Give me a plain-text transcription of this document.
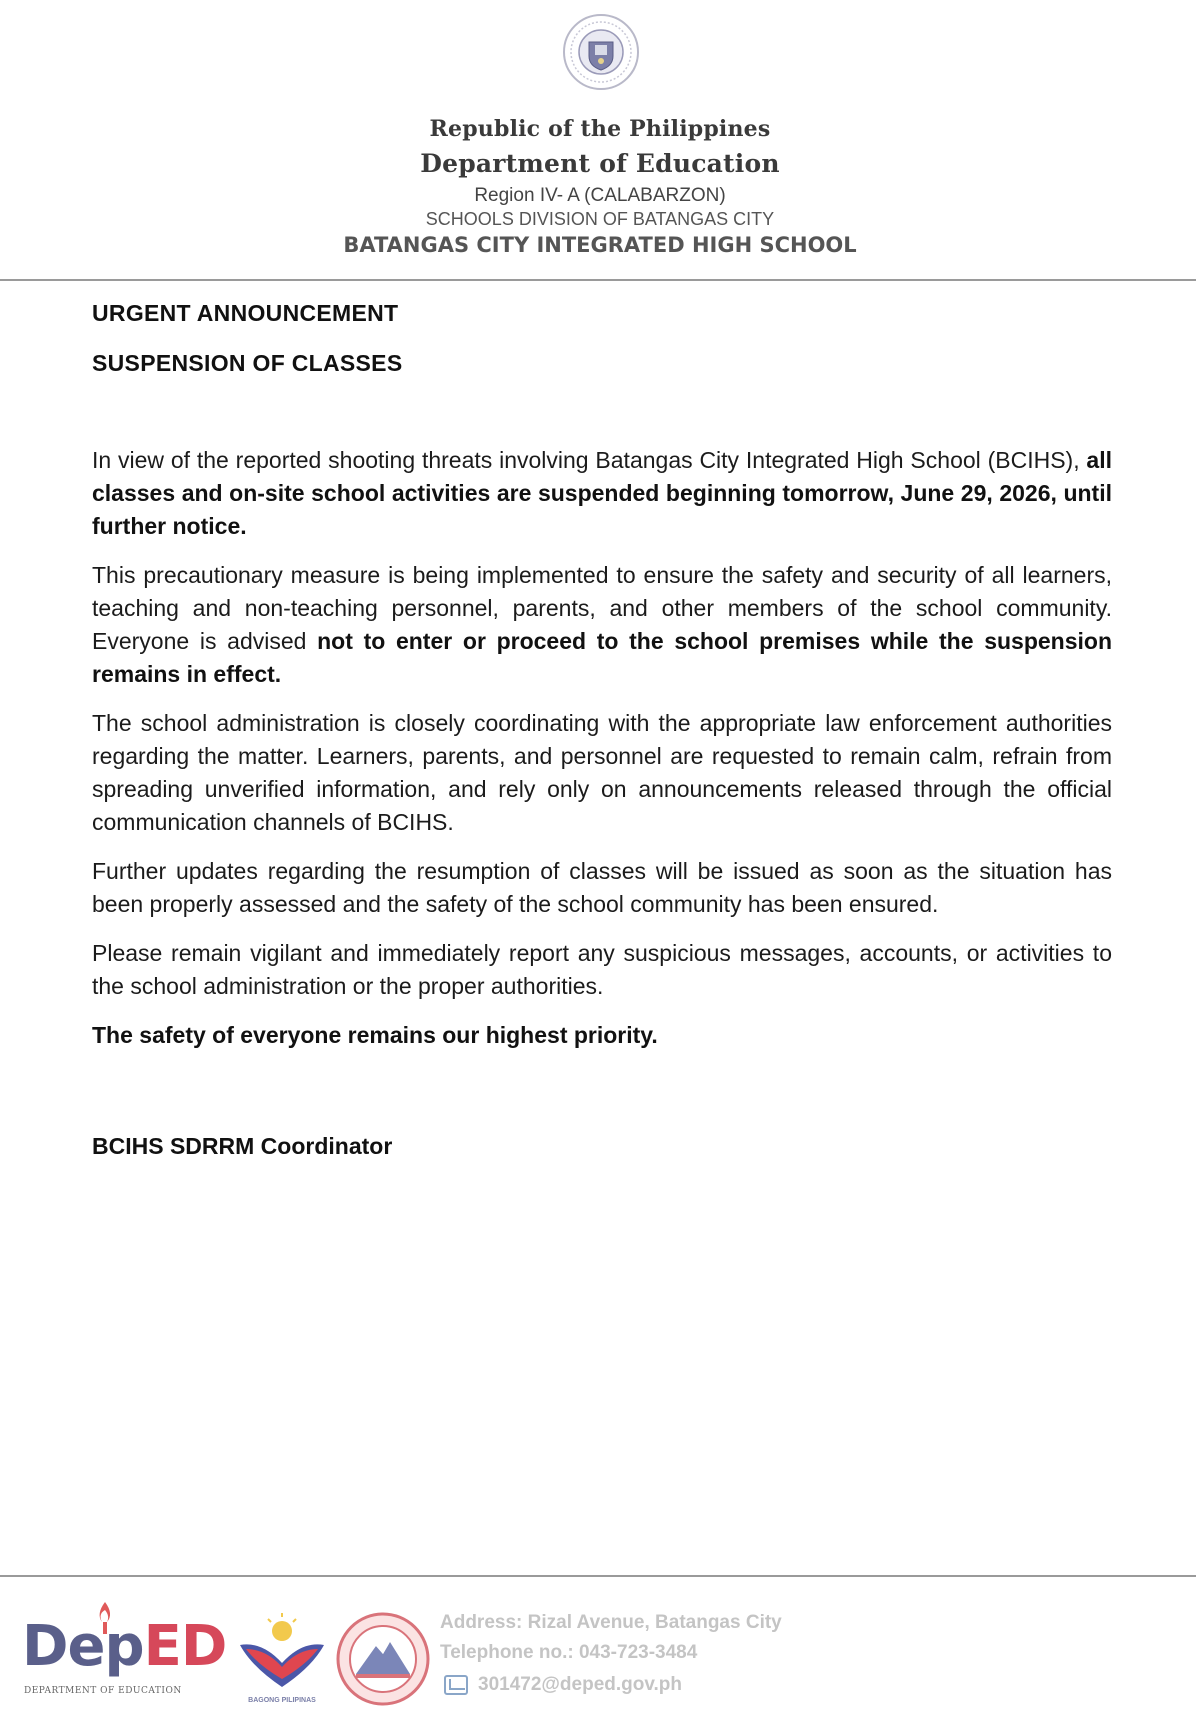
Republic of the Philippines
Department of Education
Region IV- A (CALABARZON)
SCHOOLS DIVISION OF BATANGAS CITY
BATANGAS CITY INTEGRATED HIGH SCHOOL
URGENT ANNOUNCEMENT
SUSPENSION OF CLASSES

In view of the reported shooting threats involving Batangas City Integrated High School (BCIHS), all classes and on-site school activities are suspended beginning tomorrow, June 29, 2026, until further notice.

This precautionary measure is being implemented to ensure the safety and security of all learners, teaching and non-teaching personnel, parents, and other members of the school community. Everyone is advised not to enter or proceed to the school premises while the suspension remains in effect.

The school administration is closely coordinating with the appropriate law enforcement authorities regarding the matter. Learners, parents, and personnel are requested to remain calm, refrain from spreading unverified information, and rely only on announcements released through the official communication channels of BCIHS.

Further updates regarding the resumption of classes will be issued as soon as the situation has been properly assessed and the safety of the school community has been ensured.

Please remain vigilant and immediately report any suspicious messages, accounts, or activities to the school administration or the proper authorities.

The safety of everyone remains our highest priority.

BCIHS SDRRM Coordinator
DepED
DEPARTMENT OF EDUCATION
BAGONG PILIPINAS
Address: Rizal Avenue, Batangas City
Telephone no.: 043-723-3484
301472@deped.gov.ph
